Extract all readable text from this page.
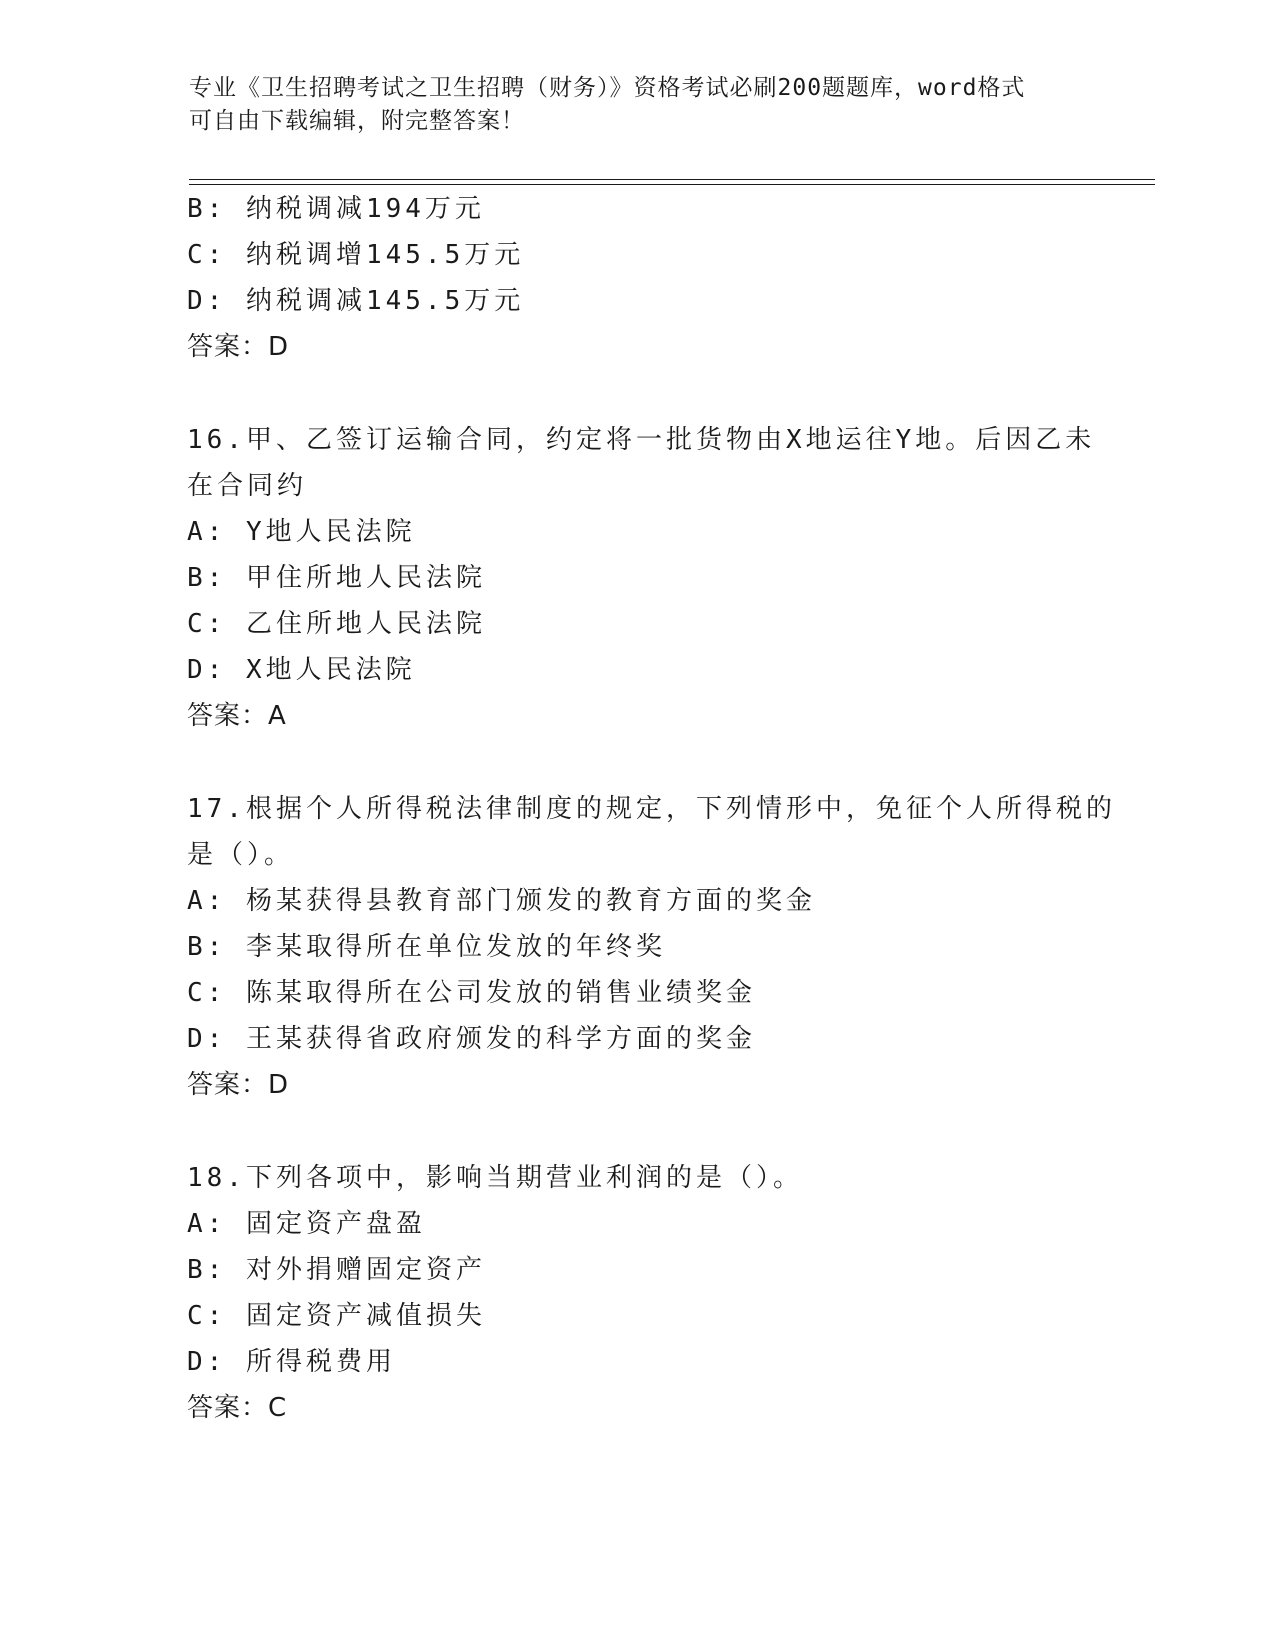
专业《卫生招聘考试之卫生招聘（财务）》资格考试必刷200题题库，word格式
可自由下载编辑，附完整答案！
B: 纳税调减194万元
C: 纳税调增145.5万元
D: 纳税调减145.5万元
答案：D
16.甲、乙签订运输合同，约定将一批货物由X地运往Y地。后因乙未
在合同约
A: Y地人民法院
B: 甲住所地人民法院
C: 乙住所地人民法院
D: X地人民法院
答案：A
17.根据个人所得税法律制度的规定，下列情形中，免征个人所得税的
是（）。
A: 杨某获得县教育部门颁发的教育方面的奖金
B: 李某取得所在单位发放的年终奖
C: 陈某取得所在公司发放的销售业绩奖金
D: 王某获得省政府颁发的科学方面的奖金
答案：D
18.下列各项中，影响当期营业利润的是（）。
A: 固定资产盘盈
B: 对外捐赠固定资产
C: 固定资产减值损失
D: 所得税费用
答案：C
